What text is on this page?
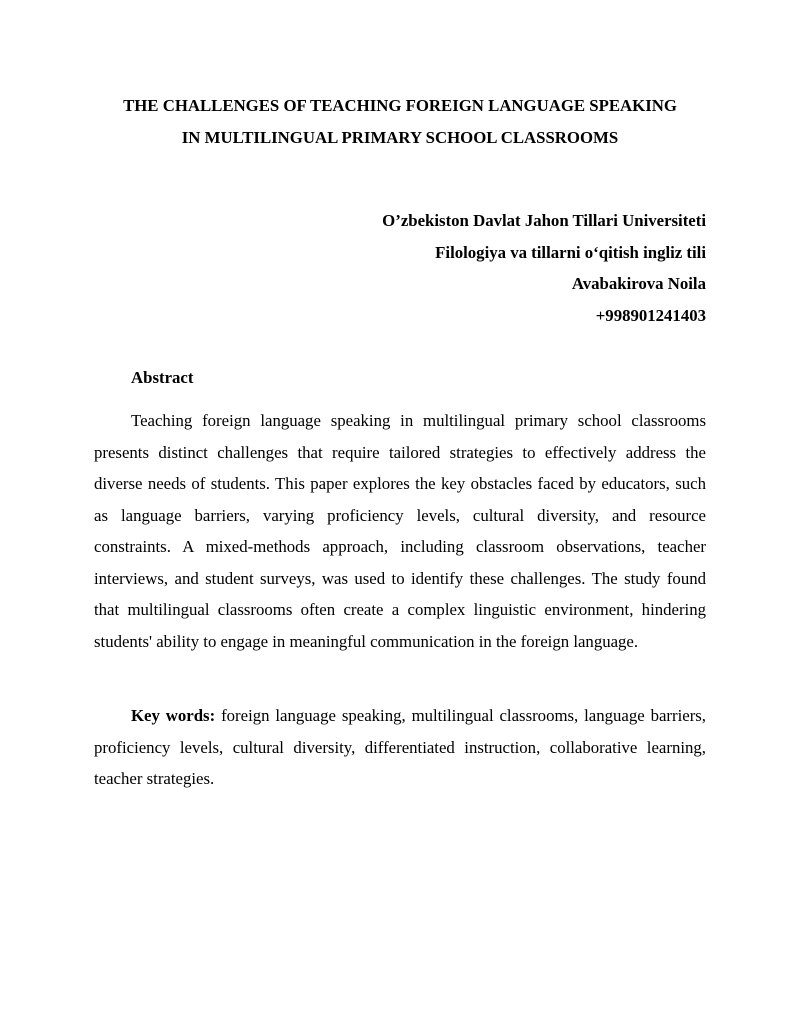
THE CHALLENGES OF TEACHING FOREIGN LANGUAGE SPEAKING
IN MULTILINGUAL PRIMARY SCHOOL CLASSROOMS
O’zbekiston Davlat Jahon Tillari Universiteti
Filologiya va tillarni o‘qitish ingliz tili
Avabakirova Noila
+998901241403
Abstract

Teaching foreign language speaking in multilingual primary school classrooms presents distinct challenges that require tailored strategies to effectively address the diverse needs of students. This paper explores the key obstacles faced by educators, such as language barriers, varying proficiency levels, cultural diversity, and resource constraints. A mixed-methods approach, including classroom observations, teacher interviews, and student surveys, was used to identify these challenges. The study found that multilingual classrooms often create a complex linguistic environment, hindering students' ability to engage in meaningful communication in the foreign language.

Key words: foreign language speaking, multilingual classrooms, language barriers, proficiency levels, cultural diversity, differentiated instruction, collaborative learning, teacher strategies.
